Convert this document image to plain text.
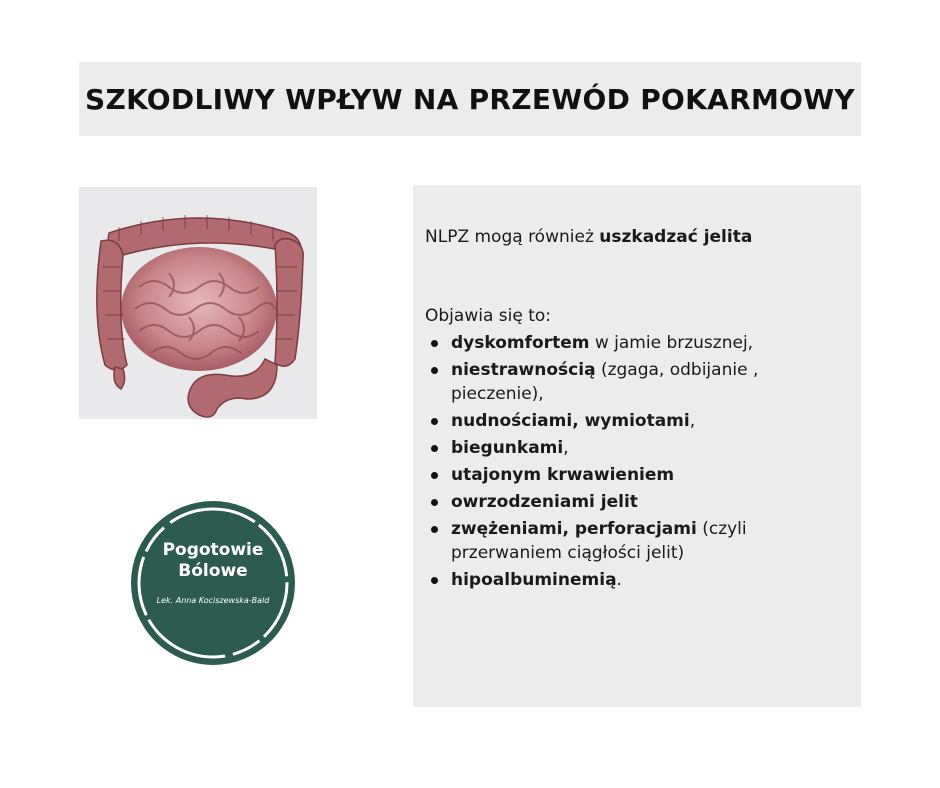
SZKODLIWY WPŁYW NA PRZEWÓD POKARMOWY
Pogotowie
Bólowe
Lek. Anna Kociszewska-Bald

NLPZ mogą również uszkadzać jelita

Objawia się to:

dyskomfortem w jamie brzusznej,
niestrawnością (zgaga, odbijanie , pieczenie),
nudnościami, wymiotami,
biegunkami,
utajonym krwawieniem
owrzodzeniami jelit
zwężeniami, perforacjami (czyli przerwaniem ciągłości jelit)
hipoalbuminemią.
